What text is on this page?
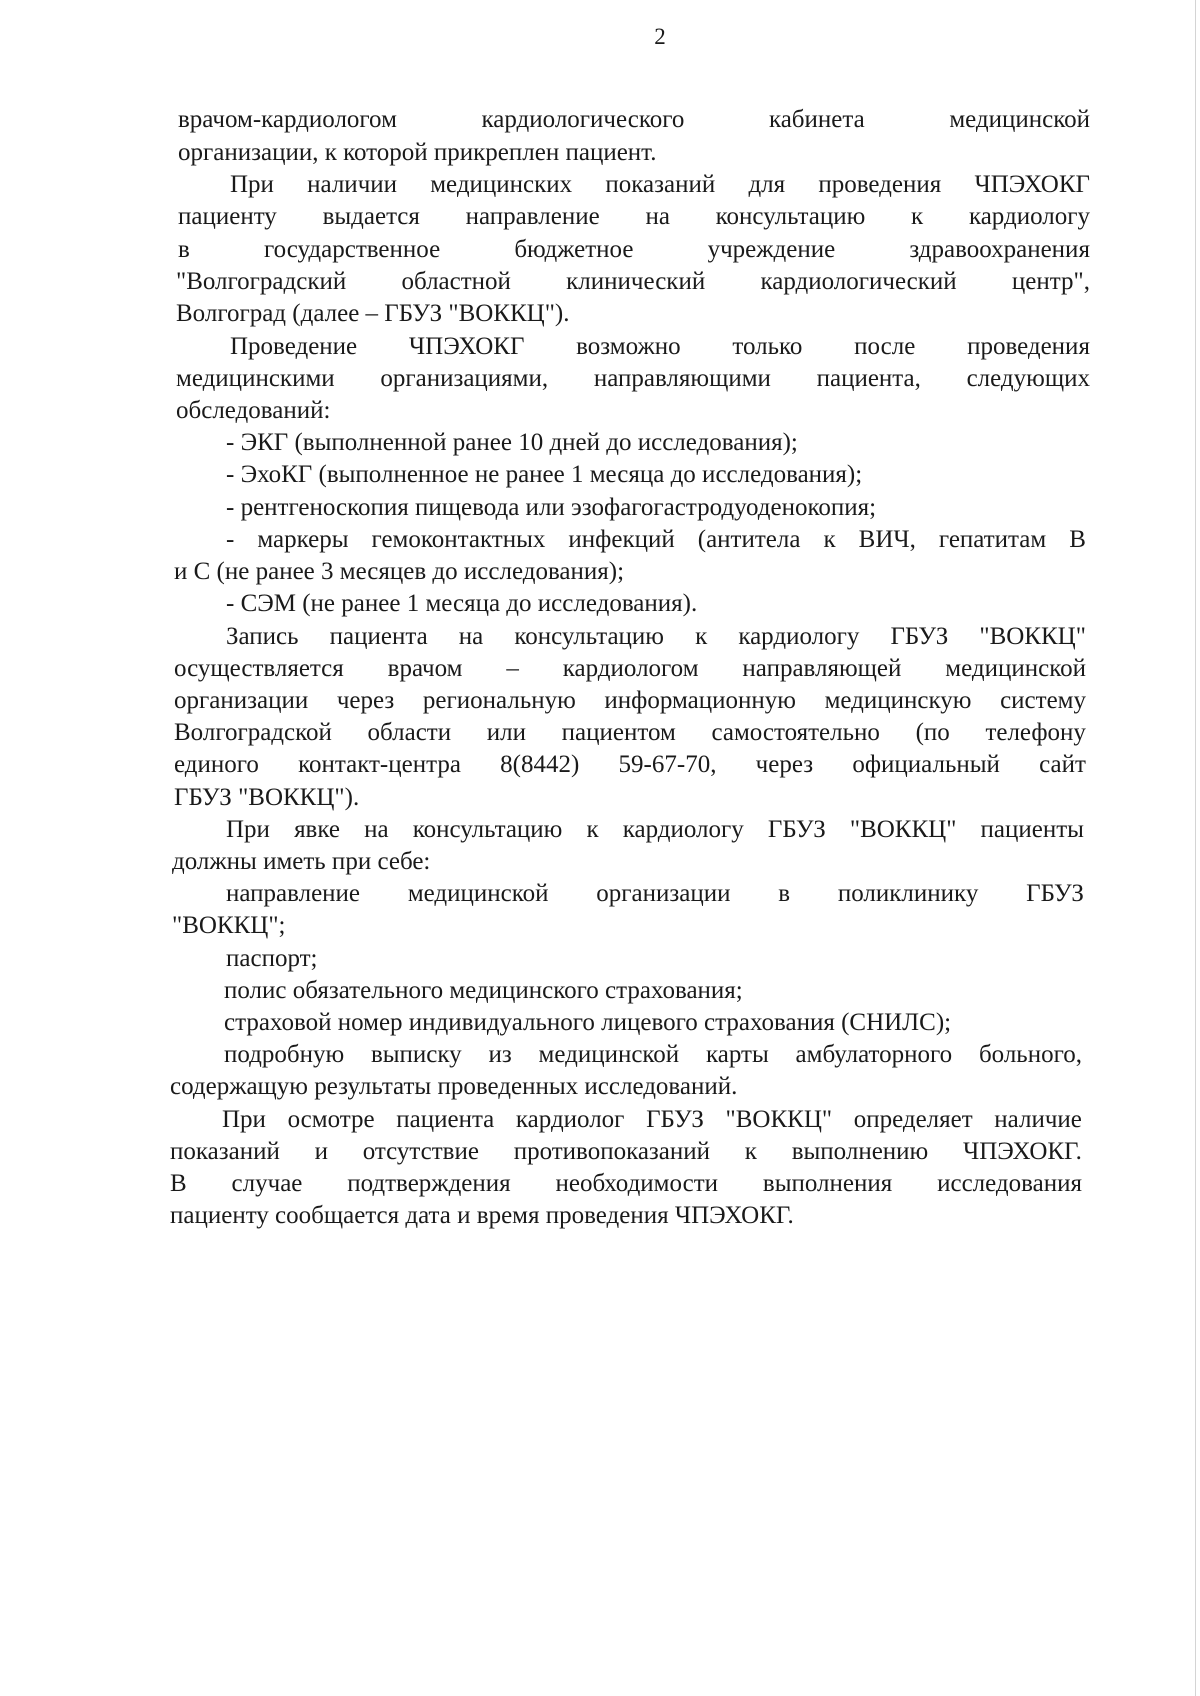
2
врачом-кардиологом	кардиологического	кабинета	медицинской
организации, к которой прикреплен пациент.
При наличии медицинских показаний для проведения ЧПЭХОКГ
пациенту выдается направление на консультацию к кардиологу
в	государственное	бюджетное	учреждение	здравоохранения
"Волгоградский областной клинический кардиологический центр",
Волгоград (далее – ГБУЗ "ВОККЦ").
Проведение ЧПЭХОКГ возможно только после проведения
медицинскими организациями, направляющими пациента, следующих
обследований:
- ЭКГ (выполненной ранее 10 дней до исследования);
- ЭхоКГ (выполненное не ранее 1 месяца до исследования);
- рентгеноскопия пищевода или эзофагогастродуоденокопия;
- маркеры гемоконтактных инфекций (антитела к ВИЧ, гепатитам В
и С (не ранее 3 месяцев до исследования);
- СЭМ (не ранее 1 месяца до исследования).
Запись пациента на консультацию к кардиологу ГБУЗ "ВОККЦ"
осуществляется врачом – кардиологом направляющей медицинской
организации через региональную информационную медицинскую систему
Волгоградской области или пациентом самостоятельно (по телефону
единого контакт-центра 8(8442) 59-67-70, через официальный сайт
ГБУЗ "ВОККЦ").
При явке на консультацию к кардиологу ГБУЗ "ВОККЦ" пациенты
должны иметь при себе:
направление медицинской организации в поликлинику ГБУЗ
"ВОККЦ";
паспорт;
полис обязательного медицинского страхования;
страховой номер индивидуального лицевого страхования (СНИЛС);
подробную выписку из медицинской карты амбулаторного больного,
содержащую результаты проведенных исследований.
При осмотре пациента кардиолог ГБУЗ "ВОККЦ" определяет наличие
показаний и отсутствие противопоказаний к выполнению ЧПЭХОКГ.
В случае подтверждения необходимости выполнения исследования
пациенту сообщается дата и время проведения ЧПЭХОКГ.
